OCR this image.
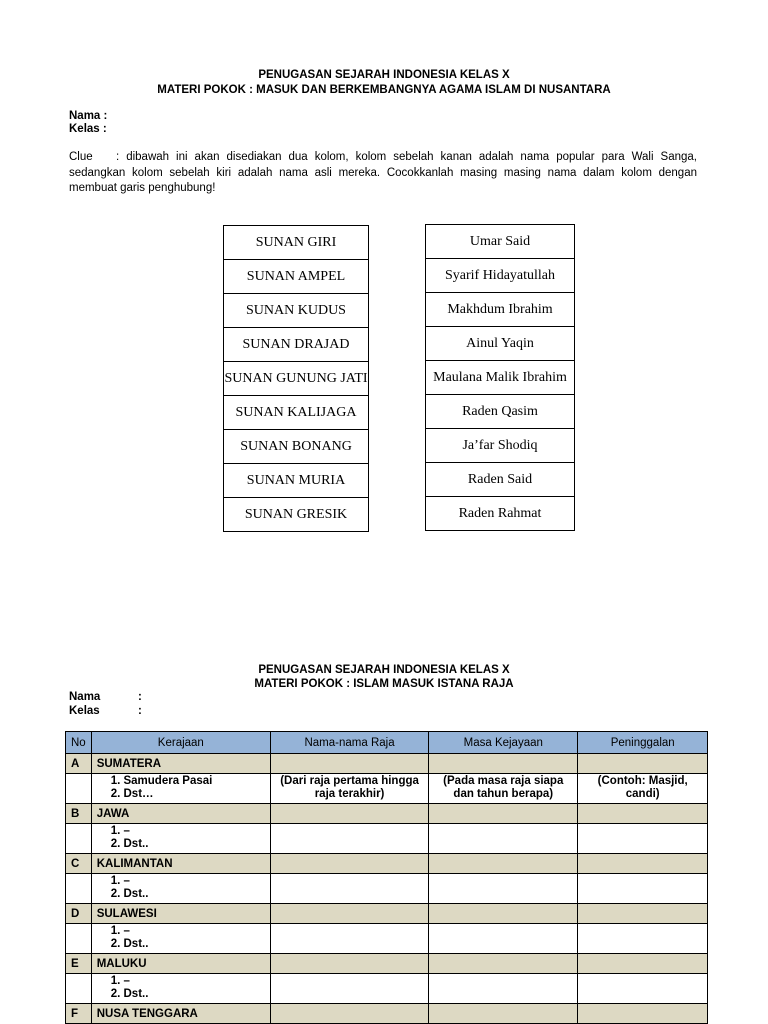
PENUGASAN SEJARAH INDONESIA KELAS X
MATERI POKOK : MASUK DAN BERKEMBANGNYA AGAMA ISLAM DI NUSANTARA
Nama :
Kelas :
Clue : dibawah ini akan disediakan dua kolom, kolom sebelah kanan adalah nama popular para Wali Sanga, sedangkan kolom sebelah kiri adalah nama asli mereka. Cocokkanlah masing masing nama dalam kolom dengan membuat garis penghubung!
SUNAN GIRI
SUNAN AMPEL
SUNAN KUDUS
SUNAN DRAJAD
SUNAN GUNUNG JATI
SUNAN KALIJAGA
SUNAN BONANG
SUNAN MURIA
SUNAN GRESIK
Umar Said
Syarif Hidayatullah
Makhdum Ibrahim
Ainul Yaqin
Maulana Malik Ibrahim
Raden Qasim
Ja’far Shodiq
Raden Said
Raden Rahmat
PENUGASAN SEJARAH INDONESIA KELAS X
MATERI POKOK : ISLAM MASUK ISTANA RAJA
Nama	:
Kelas	:
No	Kerajaan	Nama-nama Raja	Masa Kejayaan	Peninggalan
A	SUMATERA			

	1. Samudera Pasai
2. Dst…	(Dari raja pertama hingga raja terakhir)	(Pada masa raja siapa dan tahun berapa)	(Contoh: Masjid, candi)

B	JAWA			

	1. –
2. Dst..			

C	KALIMANTAN			

	1. –
2. Dst..			

D	SULAWESI			

	1. –
2. Dst..			

E	MALUKU			

	1. –
2. Dst..			

F	NUSA TENGGARA			
